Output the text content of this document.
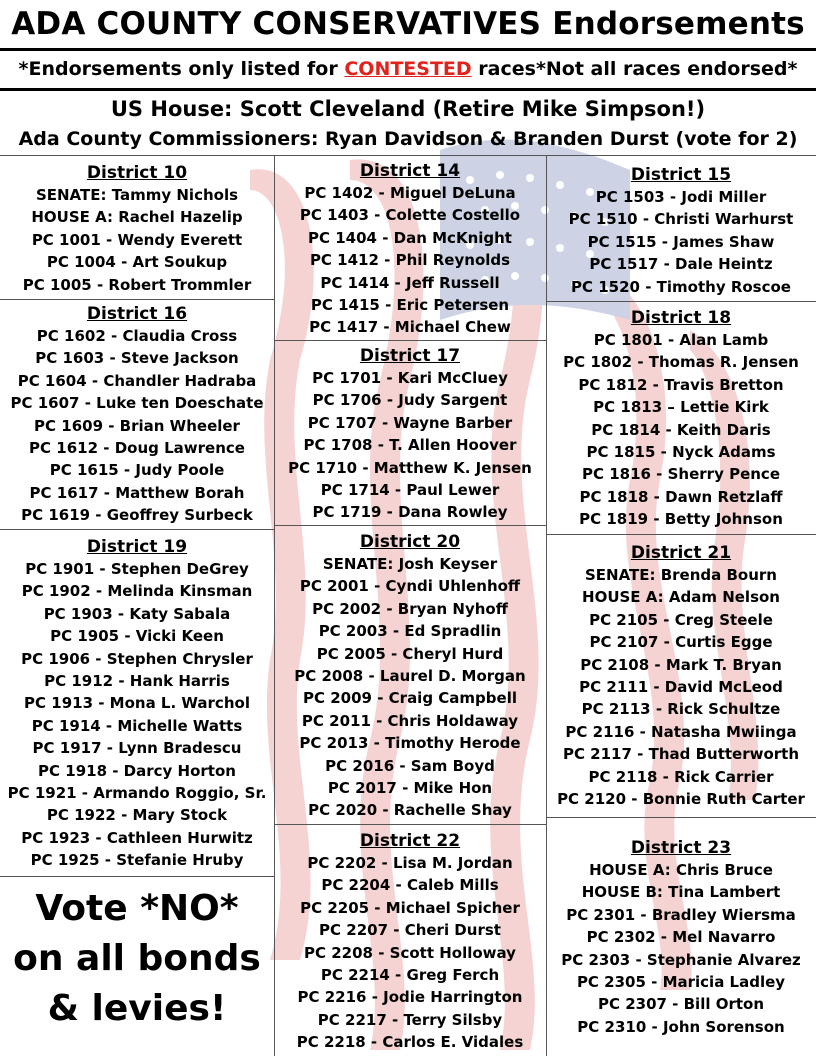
ADA COUNTY CONSERVATIVES Endorsements
*Endorsements only listed for CONTESTED races*Not all races endorsed*
US House: Scott Cleveland (Retire Mike Simpson!)
Ada County Commissioners: Ryan Davidson & Branden Durst (vote for 2)
District 10
SENATE: Tammy Nichols
HOUSE A: Rachel Hazelip
PC 1001 - Wendy Everett
PC 1004 - Art Soukup
PC 1005 - Robert Trommler
District 16
PC 1602 - Claudia Cross
PC 1603 - Steve Jackson
PC 1604 - Chandler Hadraba
PC 1607 - Luke ten Doeschate
PC 1609 - Brian Wheeler
PC 1612 - Doug Lawrence
PC 1615 - Judy Poole
PC 1617 - Matthew Borah
PC 1619 - Geoffrey Surbeck
District 19
PC 1901 - Stephen DeGrey
PC 1902 - Melinda Kinsman
PC 1903 - Katy Sabala
PC 1905 - Vicki Keen
PC 1906 - Stephen Chrysler
PC 1912 - Hank Harris
PC 1913 - Mona L. Warchol
PC 1914 - Michelle Watts
PC 1917 - Lynn Bradescu
PC 1918 - Darcy Horton
PC 1921 - Armando Roggio, Sr.
PC 1922 - Mary Stock
PC 1923 - Cathleen Hurwitz
PC 1925 - Stefanie Hruby
Vote *NO*
on all bonds
& levies!
District 14
PC 1402 - Miguel DeLuna
PC 1403 - Colette Costello
PC 1404 - Dan McKnight
PC 1412 - Phil Reynolds
PC 1414 - Jeff Russell
PC 1415 - Eric Petersen
PC 1417 - Michael Chew
District 17
PC 1701 - Kari McCluey
PC 1706 - Judy Sargent
PC 1707 - Wayne Barber
PC 1708 - T. Allen Hoover
PC 1710 - Matthew K. Jensen
PC 1714 - Paul Lewer
PC 1719 - Dana Rowley
District 20
SENATE: Josh Keyser
PC 2001 - Cyndi Uhlenhoff
PC 2002 - Bryan Nyhoff
PC 2003 - Ed Spradlin
PC 2005 - Cheryl Hurd
PC 2008 - Laurel D. Morgan
PC 2009 - Craig Campbell
PC 2011 - Chris Holdaway
PC 2013 - Timothy Herode
PC 2016 - Sam Boyd
PC 2017 - Mike Hon
PC 2020 - Rachelle Shay
District 22
PC 2202 - Lisa M. Jordan
PC 2204 - Caleb Mills
PC 2205 - Michael Spicher
PC 2207 - Cheri Durst
PC 2208 - Scott Holloway
PC 2214 - Greg Ferch
PC 2216 - Jodie Harrington
PC 2217 - Terry Silsby
PC 2218 - Carlos E. Vidales
District 15
PC 1503 - Jodi Miller
PC 1510 - Christi Warhurst
PC 1515 - James Shaw
PC 1517 - Dale Heintz
PC 1520 - Timothy Roscoe
District 18
PC 1801 - Alan Lamb
PC 1802 - Thomas R. Jensen
PC 1812 - Travis Bretton
PC 1813 – Lettie Kirk
PC 1814 - Keith Daris
PC 1815 - Nyck Adams
PC 1816 - Sherry Pence
PC 1818 - Dawn Retzlaff
PC 1819 - Betty Johnson
District 21
SENATE: Brenda Bourn
HOUSE A: Adam Nelson
PC 2105 - Creg Steele
PC 2107 - Curtis Egge
PC 2108 - Mark T. Bryan
PC 2111 - David McLeod
PC 2113 - Rick Schultze
PC 2116 - Natasha Mwiinga
PC 2117 - Thad Butterworth
PC 2118 - Rick Carrier
PC 2120 - Bonnie Ruth Carter
District 23
HOUSE A: Chris Bruce
HOUSE B: Tina Lambert
PC 2301 - Bradley Wiersma
PC 2302 - Mel Navarro
PC 2303 - Stephanie Alvarez
PC 2305 - Maricia Ladley
PC 2307 - Bill Orton
PC 2310 - John Sorenson
